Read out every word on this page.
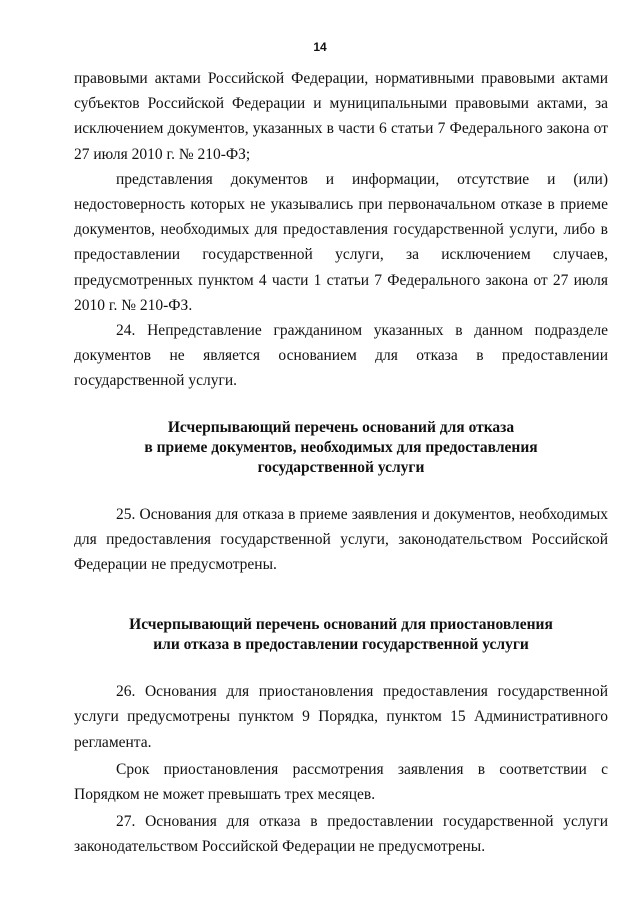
14

правовыми актами Российской Федерации, нормативными правовыми актами субъектов Российской Федерации и муниципальными правовыми актами, за исключением документов, указанных в части 6 статьи 7 Федерального закона от 27 июля 2010 г. № 210-ФЗ;

представления документов и информации, отсутствие и (или) недостоверность которых не указывались при первоначальном отказе в приеме документов, необходимых для предоставления государственной услуги, либо в предоставлении государственной услуги, за исключением случаев, предусмотренных пунктом 4 части 1 статьи 7 Федерального закона от 27 июля 2010 г. № 210-ФЗ.

24. Непредставление гражданином указанных в данном подразделе документов не является основанием для отказа в предоставлении государственной услуги.

Исчерпывающий перечень оснований для отказа
в приеме документов, необходимых для предоставления
государственной услуги

25. Основания для отказа в приеме заявления и документов, необходимых для предоставления государственной услуги, законодательством Российской Федерации не предусмотрены.

Исчерпывающий перечень оснований для приостановления
или отказа в предоставлении государственной услуги

26. Основания для приостановления предоставления государственной услуги предусмотрены пунктом 9 Порядка, пунктом 15 Административного регламента.

Срок приостановления рассмотрения заявления в соответствии с Порядком не может превышать трех месяцев.

27. Основания для отказа в предоставлении государственной услуги законодательством Российской Федерации не предусмотрены.
